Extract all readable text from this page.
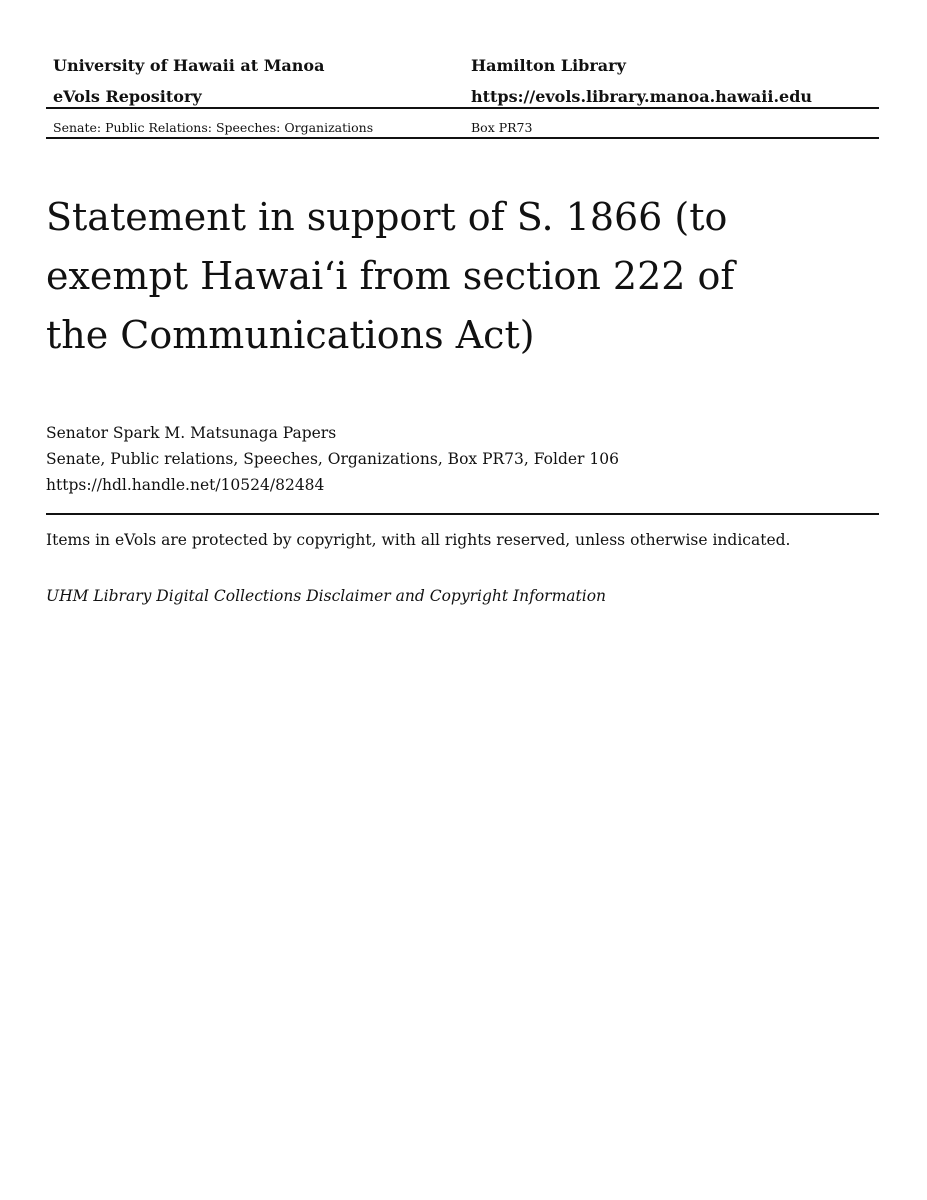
University of Hawaii at Manoa	Hamilton Library
eVols Repository	https://evols.library.manoa.hawaii.edu
Senate: Public Relations: Speeches: Organizations	Box PR73
Statement in support of S. 1866 (to exempt Hawai‘i from section 222 of the Communications Act)
Senator Spark M. Matsunaga Papers
Senate, Public relations, Speeches, Organizations, Box PR73, Folder 106
https://hdl.handle.net/10524/82484
Items in eVols are protected by copyright, with all rights reserved, unless otherwise indicated.
UHM Library Digital Collections Disclaimer and Copyright Information
